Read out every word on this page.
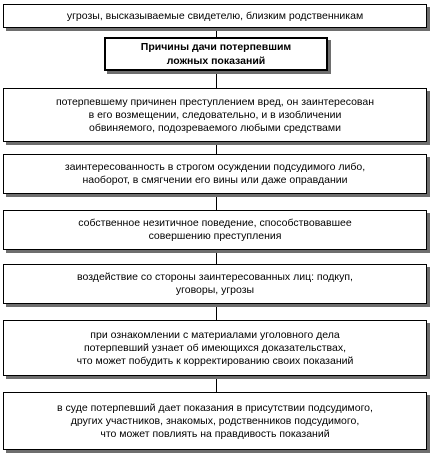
угрозы, высказываемые свидетелю, близким родственникам
Причины дачи потерпевшим
ложных показаний
потерпевшему причинен преступлением вред, он заинтересован
в его возмещении, следовательно, и в изобличении
обвиняемого, подозреваемого любыми средствами
заинтересованность в строгом осуждении подсудимого либо,
наоборот, в смягчении его вины или даже оправдании
собственное незитичное поведение, способствовавшее
совершению преступления
воздействие со стороны заинтересованных лиц: подкуп,
уговоры, угрозы
при ознакомлении с материалами уголовного дела
потерпевший узнает об имеющихся доказательствах,
что может побудить к корректированию своих показаний
в суде потерпевший дает показания в присутствии подсудимого,
других участников, знакомых, родственников подсудимого,
что может повлиять на правдивость показаний
